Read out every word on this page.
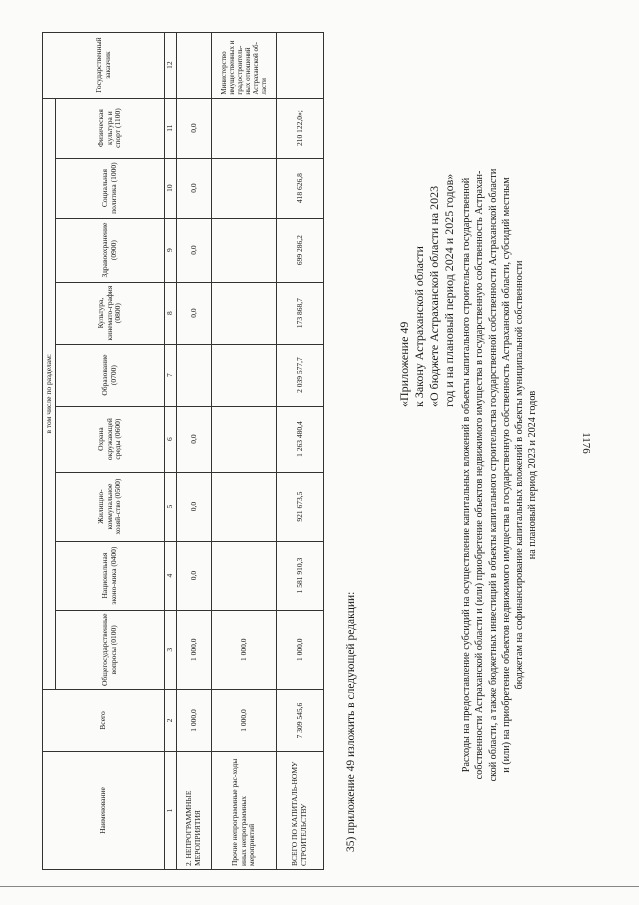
1176
Наименование	Всего	в том числе по разделам:									Государственный заказчик
		Общегосударственные вопросы (0100)	Национальная эконо-мика (0400)	Жилищно-коммунальное хозяй-ство (0500)	Охрана окружающей среды (0600)	Образование (0700)	Культура, кинемато-графия (0800)	Здравоохранение (0900)	Социальная политика (1000)	Физическая культура и спорт (1100)	
1	2	3	4	5	6	7	8	9	10	11	12
2. НЕПРОГРАММНЫЕ МЕРОПРИЯТИЯ	1 000,0	1 000,0	0,0	0,0	0,0		0,0	0,0	0,0	0,0	
Прочие непрограммные рас-ходы иных непрограммных мероприятий	1 000,0	1 000,0									Министерство имущественных и градостроитель-ных отношений Астраханской об-ласти
ВСЕГО ПО КАПИТАЛЬ-НОМУ СТРОИТЕЛЬСТВУ	7 309 545,6	1 000,0	1 581 910,3	921 673,5	1 263 480,4	2 039 577,7	173 868,7	699 286,2	418 626,8	210 122,0»;	
35) приложение 49 изложить в следующей редакции:
«Приложение 49 к Закону Астраханской области «О бюджете Астраханской области на 2023 год и на плановый период 2024 и 2025 годов» Расходы на предоставление субсидий на осуществление капитальных вложений в объекты капитального строительства государственной собственности Астраханской области и (или) приобретение объектов недвижимого имущества в государственную собственность Астрахан- ской области, а также бюджетных инвестиций в объекты капитального строительства государственной собственности Астраханской области и (или) на приобретение объектов недвижимого имущества в государственную собственность Астраханской области, субсидий местным бюджетам на софинансирование капитальных вложений в объекты муниципальной собственности на плановый период 2023 и 2024 годов
